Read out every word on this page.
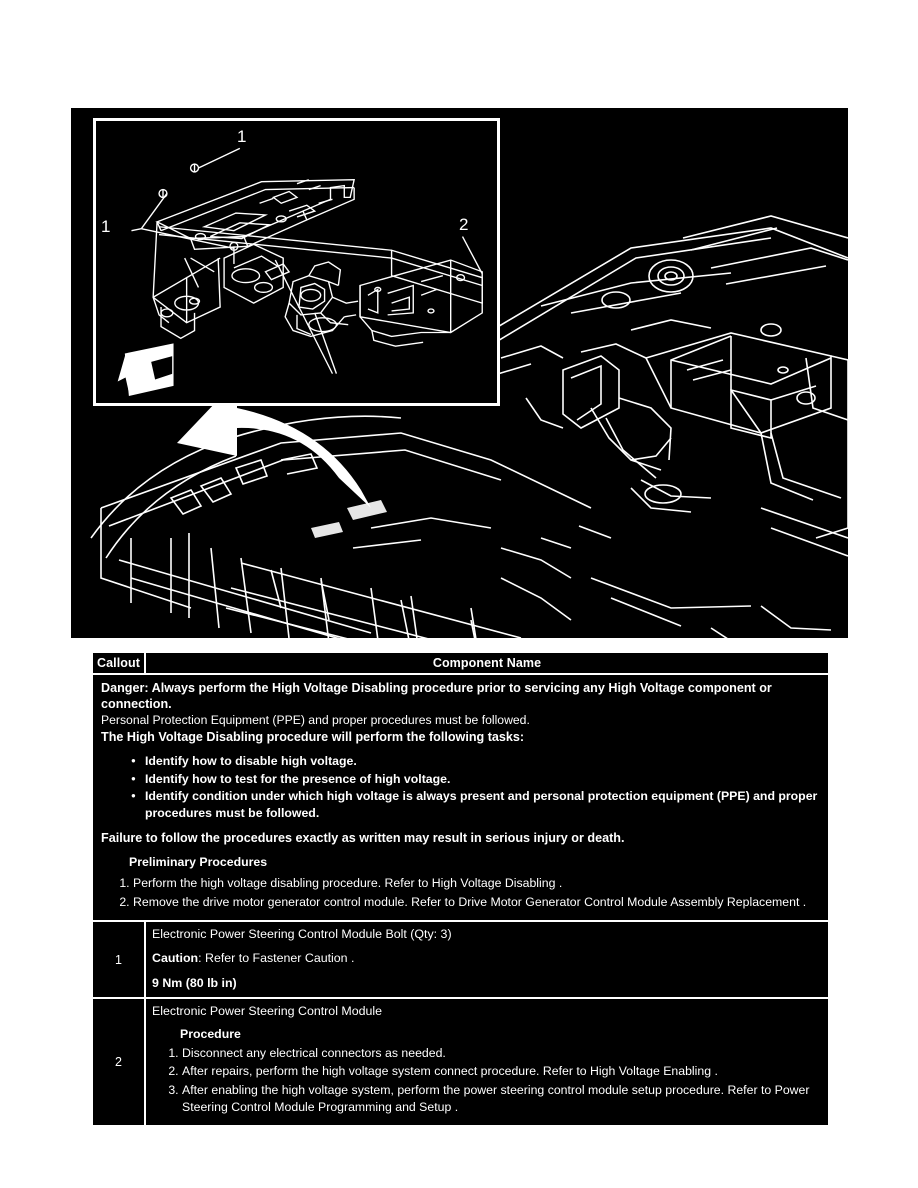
1
1	2
Callout	Component Name
Danger: Always perform the High Voltage Disabling procedure prior to servicing any High Voltage component or connection.
Personal Protection Equipment (PPE) and proper procedures must be followed.
The High Voltage Disabling procedure will perform the following tasks:
● Identify how to disable high voltage.
● Identify how to test for the presence of high voltage.
● Identify condition under which high voltage is always present and personal protection equipment (PPE) and proper procedures must be followed.
Failure to follow the procedures exactly as written may result in serious injury or death.
Preliminary Procedures
1. Perform the high voltage disabling procedure. Refer to High Voltage Disabling .
2. Remove the drive motor generator control module. Refer to Drive Motor Generator Control Module Assembly Replacement .
1
Electronic Power Steering Control Module Bolt (Qty: 3)
Caution: Refer to Fastener Caution .
9 Nm (80 lb in)
2
Electronic Power Steering Control Module
Procedure
1. Disconnect any electrical connectors as needed.
2. After repairs, perform the high voltage system connect procedure. Refer to High Voltage Enabling .
3. After enabling the high voltage system, perform the power steering control module setup procedure. Refer to Power Steering Control Module Programming and Setup .
